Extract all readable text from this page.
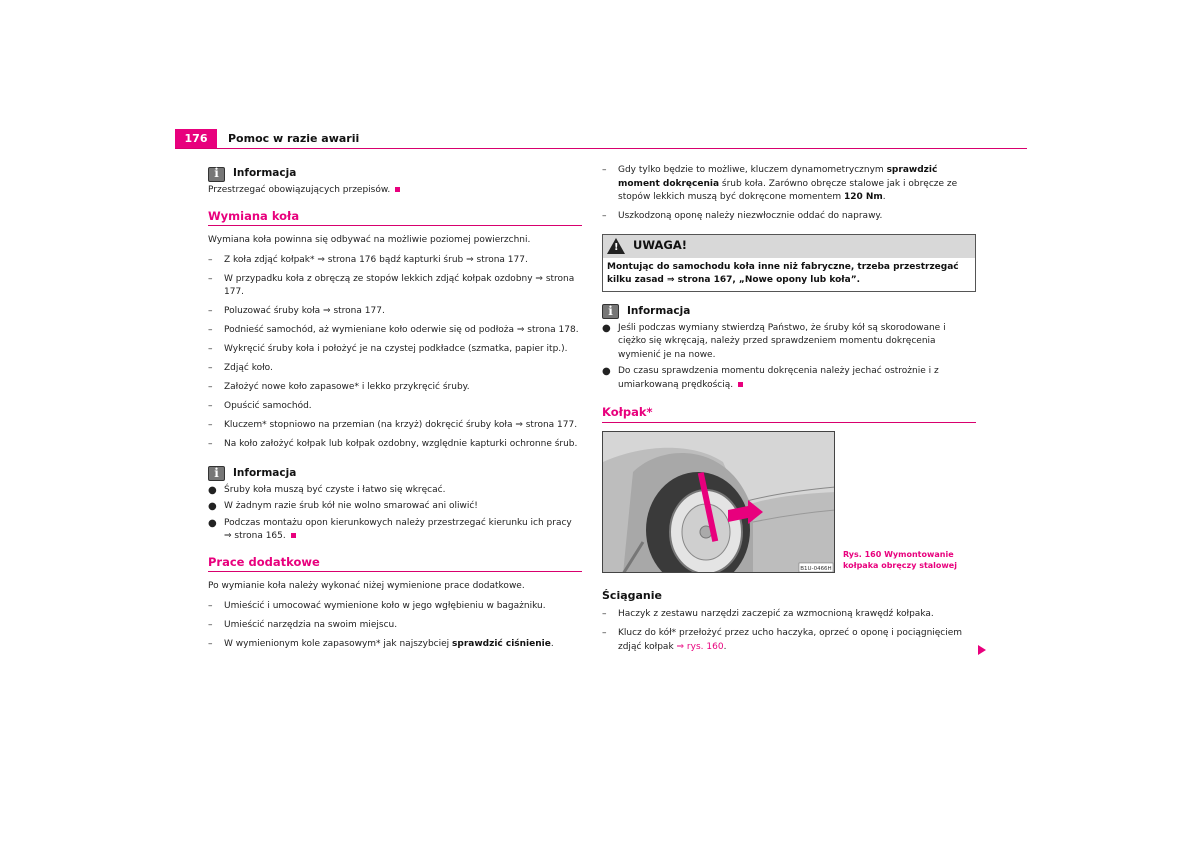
176	Pomoc w razie awarii
i	Informacja

Przestrzegać obowiązujących przepisów.

Wymiana koła

Wymiana koła powinna się odbywać na możliwie poziomej powierzchni.

–	Z koła zdjąć kołpak* ⇒ strona 176 bądź kapturki śrub ⇒ strona 177.
–	W przypadku koła z obręczą ze stopów lekkich zdjąć kołpak ozdobny ⇒ strona 177.
–	Poluzować śruby koła ⇒ strona 177.
–	Podnieść samochód, aż wymieniane koło oderwie się od podłoża ⇒ strona 178.
–	Wykręcić śruby koła i położyć je na czystej podkładce (szmatka, papier itp.).
–	Zdjąć koło.
–	Założyć nowe koło zapasowe* i lekko przykręcić śruby.
–	Opuścić samochód.
–	Kluczem* stopniowo na przemian (na krzyż) dokręcić śruby koła ⇒ strona 177.
–	Na koło założyć kołpak lub kołpak ozdobny, względnie kapturki ochronne śrub.
i	Informacja
● Śruby koła muszą być czyste i łatwo się wkręcać.
● W żadnym razie śrub kół nie wolno smarować ani oliwić!
● Podczas montażu opon kierunkowych należy przestrzegać kierunku ich pracy ⇒ strona 165.
Prace dodatkowe

Po wymianie koła należy wykonać niżej wymienione prace dodatkowe.

–	Umieścić i umocować wymienione koło w jego wgłębieniu w bagażniku.
–	Umieścić narzędzia na swoim miejscu.
–	W wymienionym kole zapasowym* jak najszybciej sprawdzić ciśnienie.
–	Gdy tylko będzie to możliwe, kluczem dynamometrycznym sprawdzić moment dokręcenia śrub koła. Zarówno obręcze stalowe jak i obręcze ze stopów lekkich muszą być dokręcone momentem 120 Nm.
–	Uszkodzoną oponę należy niezwłocznie oddać do naprawy.
! UWAGA!
Montując do samochodu koła inne niż fabryczne, trzeba przestrzegać kilku zasad ⇒ strona 167, „Nowe opony lub koła”.
i	Informacja
● Jeśli podczas wymiany stwierdzą Państwo, że śruby kół są skorodowane i ciężko się wkręcają, należy przed sprawdzeniem momentu dokręcenia wymienić je na nowe.
● Do czasu sprawdzenia momentu dokręcenia należy jechać ostrożnie i z umiarkowaną prędkością.
Kołpak*
B1U-0466H
Rys. 160 Wymontowanie
kołpaka obręczy stalowej
Ściąganie
–	Haczyk z zestawu narzędzi zaczepić za wzmocnioną krawędź kołpaka.
–	Klucz do kół* przełożyć przez ucho haczyka, oprzeć o oponę i pociągnięciem zdjąć kołpak ⇒ rys. 160.
